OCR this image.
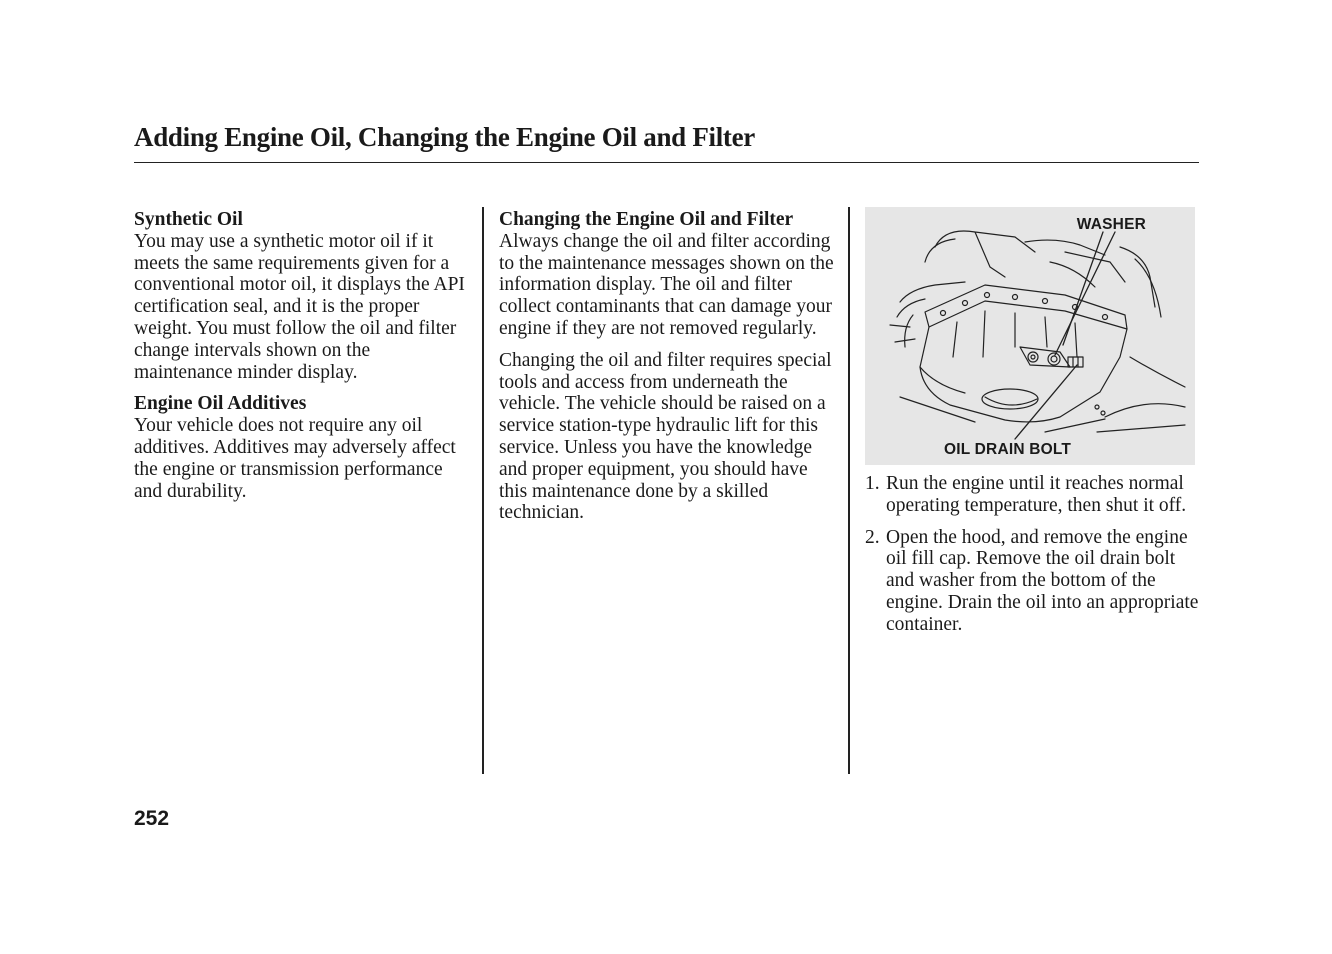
Adding Engine Oil, Changing the Engine Oil and Filter
Synthetic Oil

You may use a synthetic motor oil if it meets the same requirements given for a conventional motor oil, it displays the API certification seal, and it is the proper weight. You must follow the oil and filter change intervals shown on the maintenance minder display.

Engine Oil Additives

Your vehicle does not require any oil additives. Additives may adversely affect the engine or transmission performance and durability.

Changing the Engine Oil and Filter

Always change the oil and filter according to the maintenance messages shown on the information display. The oil and filter collect contaminants that can damage your engine if they are not removed regularly.

Changing the oil and filter requires special tools and access from underneath the vehicle. The vehicle should be raised on a service station-type hydraulic lift for this service. Unless you have the knowledge and proper equipment, you should have this maintenance done by a skilled technician.

WASHER
OIL DRAIN BOLT
1. Run the engine until it reaches normal operating temperature, then shut it off.
2. Open the hood, and remove the engine oil fill cap. Remove the oil drain bolt and washer from the bottom of the engine. Drain the oil into an appropriate container.
252
